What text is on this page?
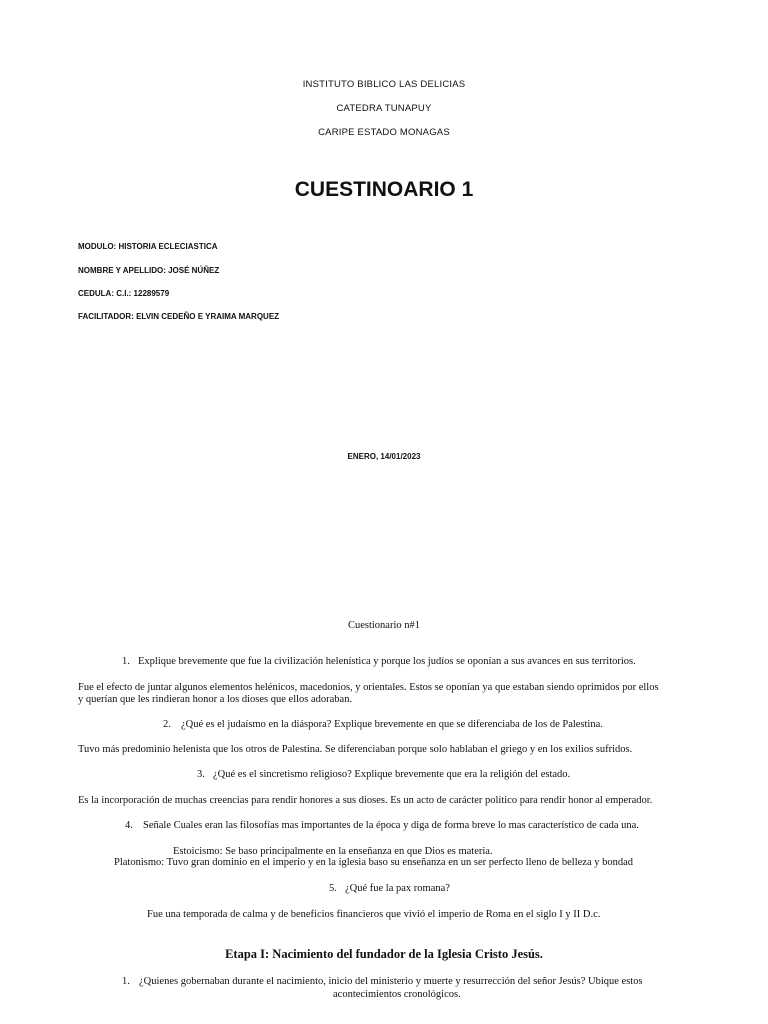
INSTITUTO BIBLICO LAS DELICIAS
CATEDRA TUNAPUY
CARIPE ESTADO MONAGAS
CUESTINOARIO 1
MODULO: HISTORIA ECLECIASTICA
NOMBRE Y APELLIDO: JOSÉ NÚÑEZ
CEDULA: C.I.: 12289579
FACILITADOR: ELVIN CEDEÑO E YRAIMA MARQUEZ
ENERO, 14/01/2023
Cuestionario n#1
1. Explique brevemente que fue la civilización helenística y porque los judíos se oponían a sus avances en sus territorios.
Fue el efecto de juntar algunos elementos helénicos, macedonios, y orientales. Estos se oponían ya que estaban siendo oprimidos por ellos
y querían que les rindieran honor a los dioses que ellos adoraban.
2. ¿Qué es el judaísmo en la diáspora? Explique brevemente en que se diferenciaba de los de Palestina.
Tuvo más predominio helenista que los otros de Palestina. Se diferenciaban porque solo hablaban el griego y en los exilios sufridos.
3. ¿Qué es el sincretismo religioso? Explique brevemente que era la religión del estado.
Es la incorporación de muchas creencias para rendir honores a sus dioses. Es un acto de carácter político para rendir honor al emperador.
4. Señale Cuales eran las filosofías mas importantes de la época y diga de forma breve lo mas característico de cada una.
Estoicismo: Se baso principalmente en la enseñanza en que Dios es materia.
Platonismo: Tuvo gran dominio en el imperio y en la iglesia baso su enseñanza en un ser perfecto lleno de belleza y bondad
5. ¿Qué fue la pax romana?
Fue una temporada de calma y de beneficios financieros que vivió el imperio de Roma en el siglo I y II D.c.
Etapa I: Nacimiento del fundador de la Iglesia Cristo Jesús.
1. ¿Quienes gobernaban durante el nacimiento, inicio del ministerio y muerte y resurrección del señor Jesús? Ubique estos
acontecimientos cronológicos.
